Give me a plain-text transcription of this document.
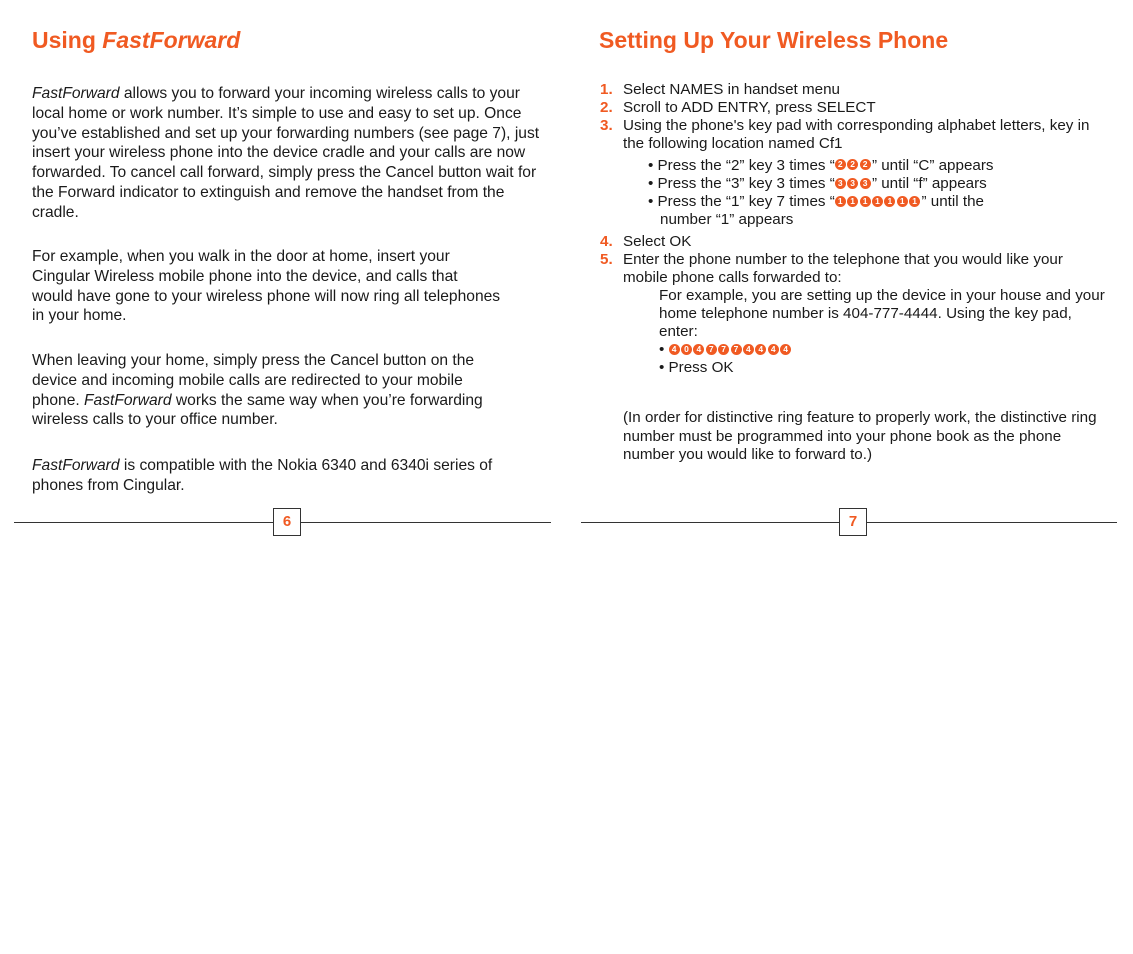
Using FastForward

FastForward allows you to forward your incoming wireless calls to your local home or work number. It’s simple to use and easy to set up. Once you’ve established and set up your forwarding numbers (see page 7), just insert your wireless phone into the device cradle and your calls are now forwarded. To cancel call forward, simply press the Cancel button wait for the Forward indicator to extinguish and remove the handset from the cradle.

For example, when you walk in the door at home, insert your Cingular Wireless mobile phone into the device, and calls that would have gone to your wireless phone will now ring all telephones in your home.

When leaving your home, simply press the Cancel button on the device and incoming mobile calls are redirected to your mobile phone. FastForward works the same way when you’re forwarding wireless calls to your office number.

FastForward is compatible with the Nokia 6340 and 6340i series of phones from Cingular.

6
Setting Up Your Wireless Phone
1. Select NAMES in handset menu
2. Scroll to ADD ENTRY, press SELECT
3. Using the phone's key pad with corresponding alphabet letters, key in the following location named Cf1
• Press the “2” key 3 times “ 2 2 2 ” until “C” appears
• Press the “3” key 3 times “ 3 3 3 ” until “f” appears
• Press the “1” key 7 times “ 1 1 1 1 1 1 1 ” until the
number “1” appears
4. Select OK
5. Enter the phone number to the telephone that you would like your mobile phone calls forwarded to:
For example, you are setting up the device in your house and your home telephone number is 404-777-4444. Using the key pad, enter:
• 4 0 4 7 7 7 4 4 4 4
• Press OK

(In order for distinctive ring feature to properly work, the distinctive ring number must be programmed into your phone book as the phone number you would like to forward to.)

7
